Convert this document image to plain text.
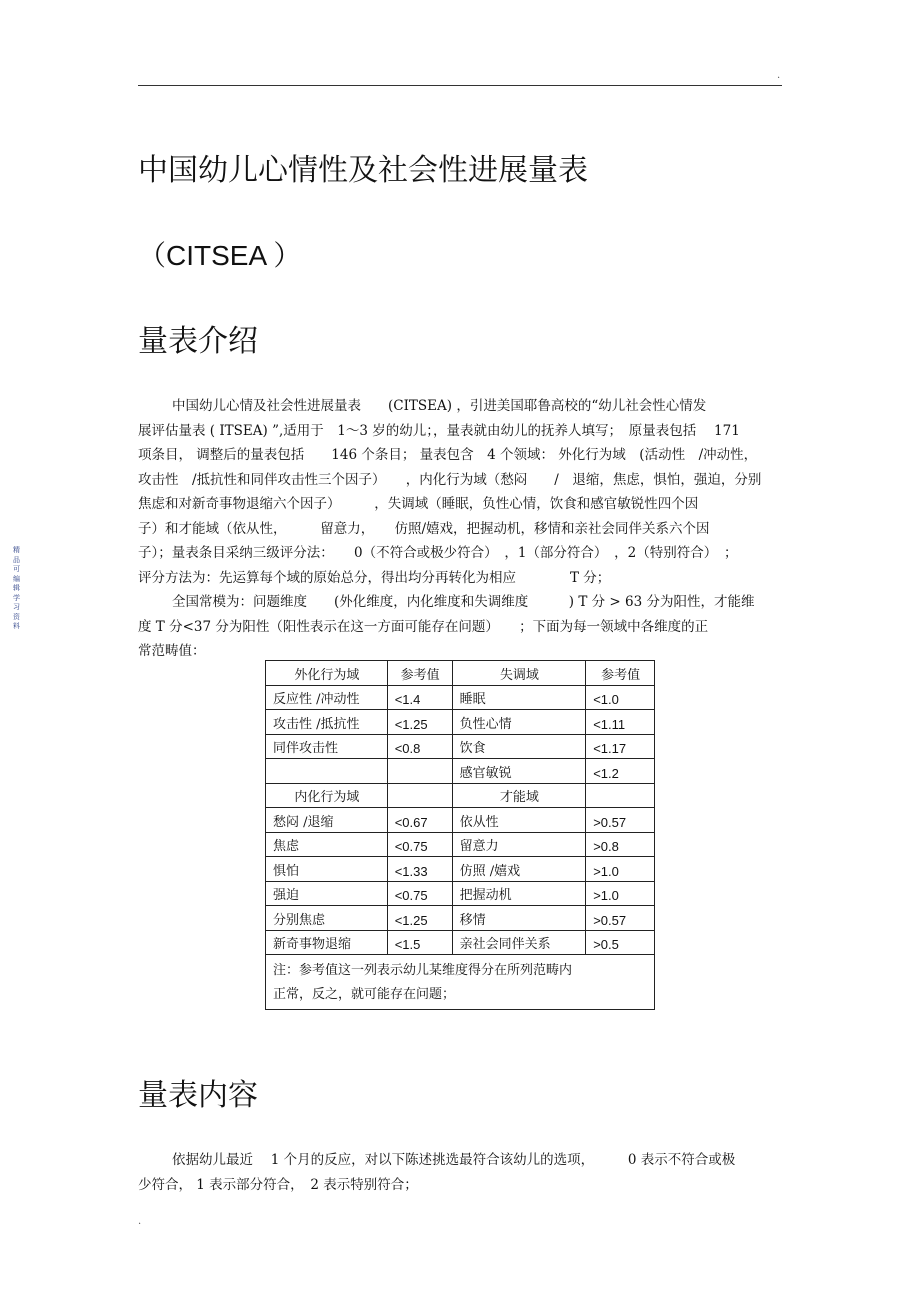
.
精品可编辑学习资料
中国幼儿心情性及社会性进展量表
（CITSEA ）
量表介绍

中国幼儿心情及社会性进展量表　　(CITSEA) ，引进美国耶鲁高校的“幼儿社会性心情发

展评估量表 ( ITSEA) ”,适用于　1～3 岁的幼儿；，量表就由幼儿的抚养人填写；　原量表包括　 171

项条目， 调整后的量表包括　　146 个条目； 量表包含　4 个领域： 外化行为域　(活动性　/冲动性，

攻击性　/抵抗性和同伴攻击性三个因子）　　，内化行为域（愁闷　　/　退缩，焦虑，惧怕，强迫，分别

焦虑和对新奇事物退缩六个因子）　　　，失调域（睡眠，负性心情，饮食和感官敏锐性四个因

子）和才能域（依从性，　　　留意力，　　仿照/嬉戏，把握动机，移情和亲社会同伴关系六个因

子）；量表条目采纳三级评分法：　　0（不符合或极少符合）　，1（部分符合）　，2（特别符合）　；

评分方法为：先运算每个域的原始总分，得出均分再转化为相应　　　　T 分；

全国常模为：问题维度　　(外化维度，内化维度和失调维度　　　) T 分 > 63 分为阳性，才能维

度 T 分<37 分为阳性（阳性表示在这一方面可能存在问题）　　；下面为每一领域中各维度的正

常范畴值：

外化行为域	参考值	失调域	参考值
反应性 /冲动性	<1.4	睡眠	<1.0
攻击性 /抵抗性	<1.25	负性心情	<1.11
同伴攻击性	<0.8	饮食	<1.17
		感官敏锐	<1.2
内化行为域		才能域	
愁闷 /退缩	<0.67	依从性	>0.57
焦虑	<0.75	留意力	>0.8
惧怕	<1.33	仿照 /嬉戏	>1.0
强迫	<0.75	把握动机	>1.0
分别焦虑	<1.25	移情	>0.57
新奇事物退缩	<1.5	亲社会同伴关系	>0.5

注：参考值这一列表示幼儿某维度得分在所列范畴内
正常，反之，就可能存在问题；			
量表内容

依据幼儿最近　 1 个月的反应，对以下陈述挑选最符合该幼儿的选项，　　　0 表示不符合或极

少符合， 1 表示部分符合，　2 表示特别符合；

.
